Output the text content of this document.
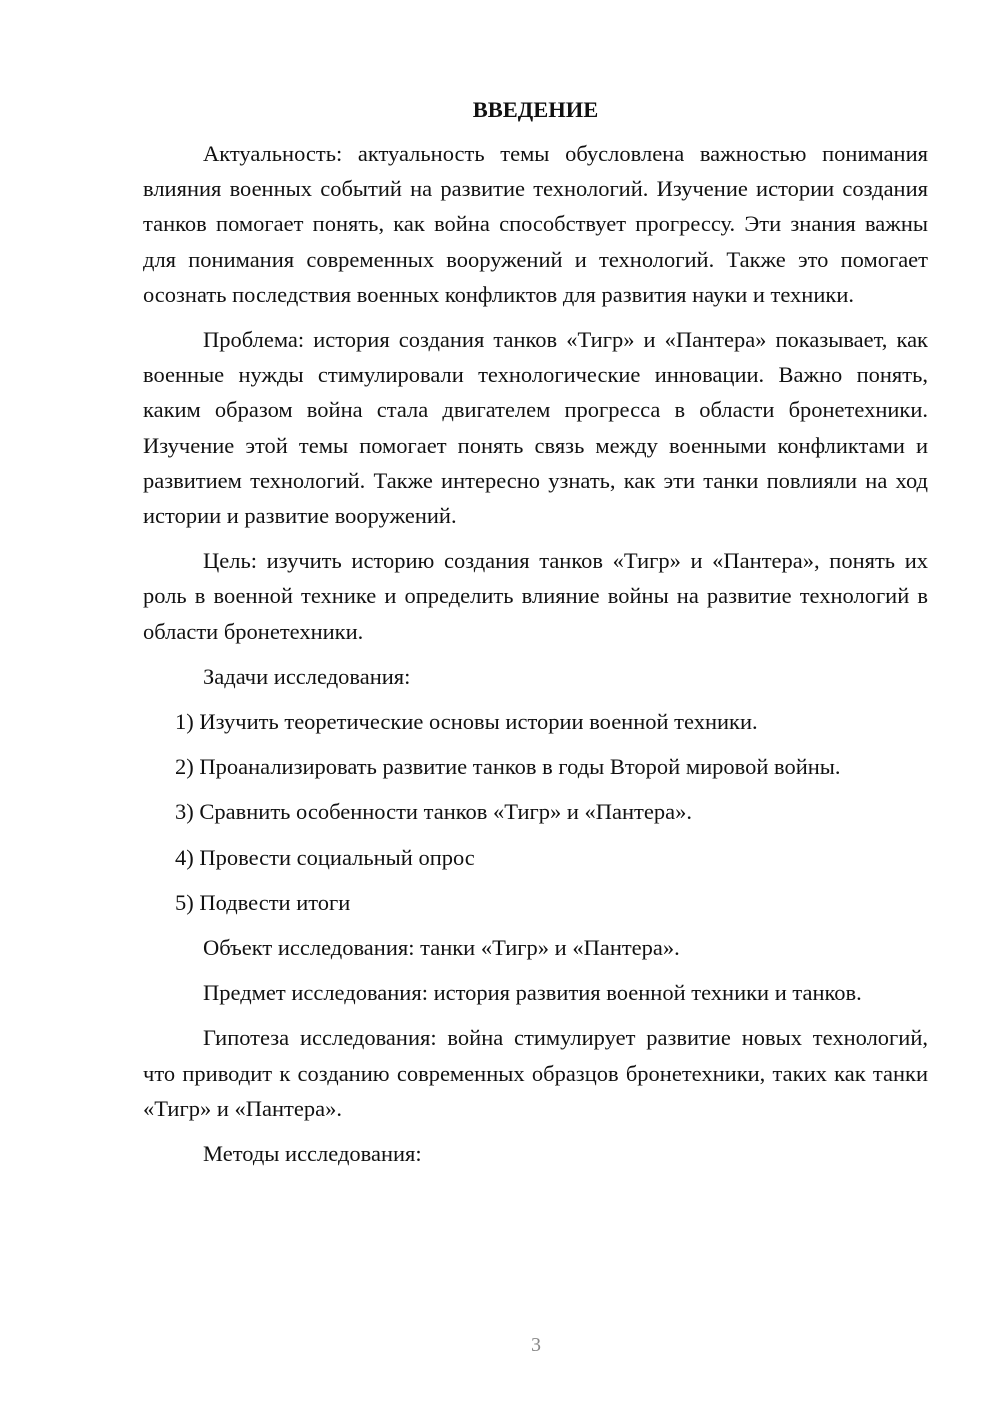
ВВЕДЕНИЕ

Актуальность: актуальность темы обусловлена важностью понимания влияния военных событий на развитие технологий. Изучение истории создания танков помогает понять, как война способствует прогрессу. Эти знания важны для понимания современных вооружений и технологий. Также это помогает осознать последствия военных конфликтов для развития науки и техники.

Проблема: история создания танков «Тигр» и «Пантера» показывает, как военные нужды стимулировали технологические инновации. Важно понять, каким образом война стала двигателем прогресса в области бронетехники. Изучение этой темы помогает понять связь между военными конфликтами и развитием технологий. Также интересно узнать, как эти танки повлияли на ход истории и развитие вооружений.

Цель: изучить историю создания танков «Тигр» и «Пантера», понять их роль в военной технике и определить влияние войны на развитие технологий в области бронетехники.

Задачи исследования:

1) Изучить теоретические основы истории военной техники.
2) Проанализировать развитие танков в годы Второй мировой войны.
3) Сравнить особенности танков «Тигр» и «Пантера».
4) Провести социальный опрос
5) Подвести итоги

Объект исследования: танки «Тигр» и «Пантера».

Предмет исследования: история развития военной техники и танков.

Гипотеза исследования: война стимулирует развитие новых технологий, что приводит к созданию современных образцов бронетехники, таких как танки «Тигр» и «Пантера».

Методы исследования:

3
